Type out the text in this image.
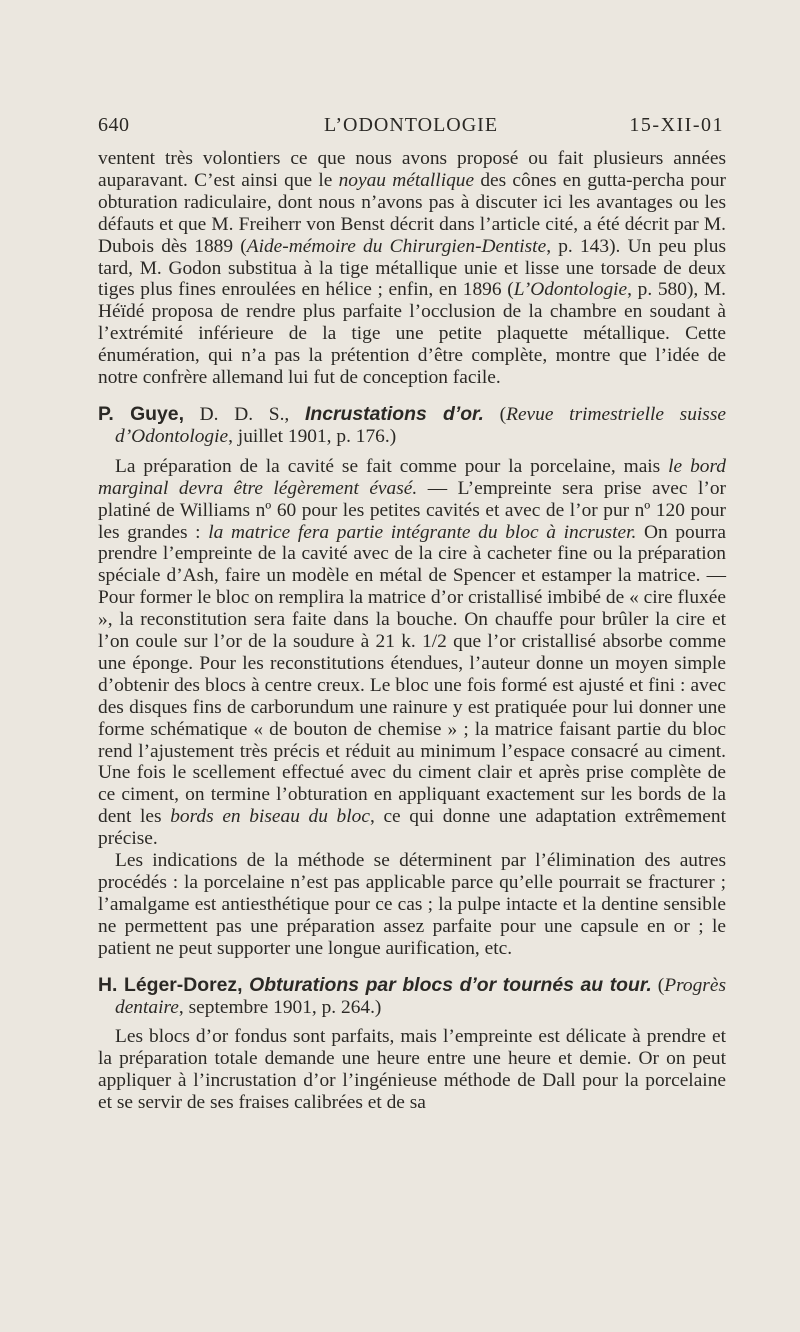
640	L’ODONTOLOGIE	15-XII-01

ventent très volontiers ce que nous avons proposé ou fait plusieurs années auparavant. C’est ainsi que le noyau métallique des cônes en gutta-percha pour obturation radiculaire, dont nous n’avons pas à discuter ici les avantages ou les défauts et que M. Freiherr von Benst décrit dans l’article cité, a été décrit par M. Dubois dès 1889 (Aide-mémoire du Chirurgien-Dentiste, p. 143). Un peu plus tard, M. Godon substitua à la tige métallique unie et lisse une torsade de deux tiges plus fines enroulées en hélice ; enfin, en 1896 (L’Odontologie, p. 580), M. Héïdé proposa de rendre plus parfaite l’occlusion de la chambre en soudant à l’extrémité inférieure de la tige une petite plaquette métallique. Cette énumération, qui n’a pas la prétention d’être complète, montre que l’idée de notre confrère allemand lui fut de conception facile.

P. Guye, D. D. S., Incrustations d’or. (Revue trimestrielle suisse d’Odontologie, juillet 1901, p. 176.)

La préparation de la cavité se fait comme pour la porcelaine, mais le bord marginal devra être légèrement évasé. — L’empreinte sera prise avec l’or platiné de Williams nº 60 pour les petites cavités et avec de l’or pur nº 120 pour les grandes : la matrice fera partie intégrante du bloc à incruster. On pourra prendre l’empreinte de la cavité avec de la cire à cacheter fine ou la préparation spéciale d’Ash, faire un modèle en métal de Spencer et estamper la matrice. — Pour former le bloc on remplira la matrice d’or cristallisé imbibé de « cire fluxée », la reconstitution sera faite dans la bouche. On chauffe pour brûler la cire et l’on coule sur l’or de la soudure à 21 k. 1/2 que l’or cristallisé absorbe comme une éponge. Pour les reconstitutions étendues, l’auteur donne un moyen simple d’obtenir des blocs à centre creux. Le bloc une fois formé est ajusté et fini : avec des disques fins de carborundum une rainure y est pratiquée pour lui donner une forme schématique « de bouton de chemise » ; la matrice faisant partie du bloc rend l’ajustement très précis et réduit au minimum l’espace consacré au ciment. Une fois le scellement effectué avec du ciment clair et après prise complète de ce ciment, on termine l’obturation en appliquant exactement sur les bords de la dent les bords en biseau du bloc, ce qui donne une adaptation extrêmement précise.

Les indications de la méthode se déterminent par l’élimination des autres procédés : la porcelaine n’est pas applicable parce qu’elle pourrait se fracturer ; l’amalgame est antiesthétique pour ce cas ; la pulpe intacte et la dentine sensible ne permettent pas une préparation assez parfaite pour une capsule en or ; le patient ne peut supporter une longue aurification, etc.

H. Léger-Dorez, Obturations par blocs d’or tournés au tour. (Progrès dentaire, septembre 1901, p. 264.)

Les blocs d’or fondus sont parfaits, mais l’empreinte est délicate à prendre et la préparation totale demande une heure entre une heure et demie. Or on peut appliquer à l’incrustation d’or l’ingénieuse méthode de Dall pour la porcelaine et se servir de ses fraises calibrées et de sa
